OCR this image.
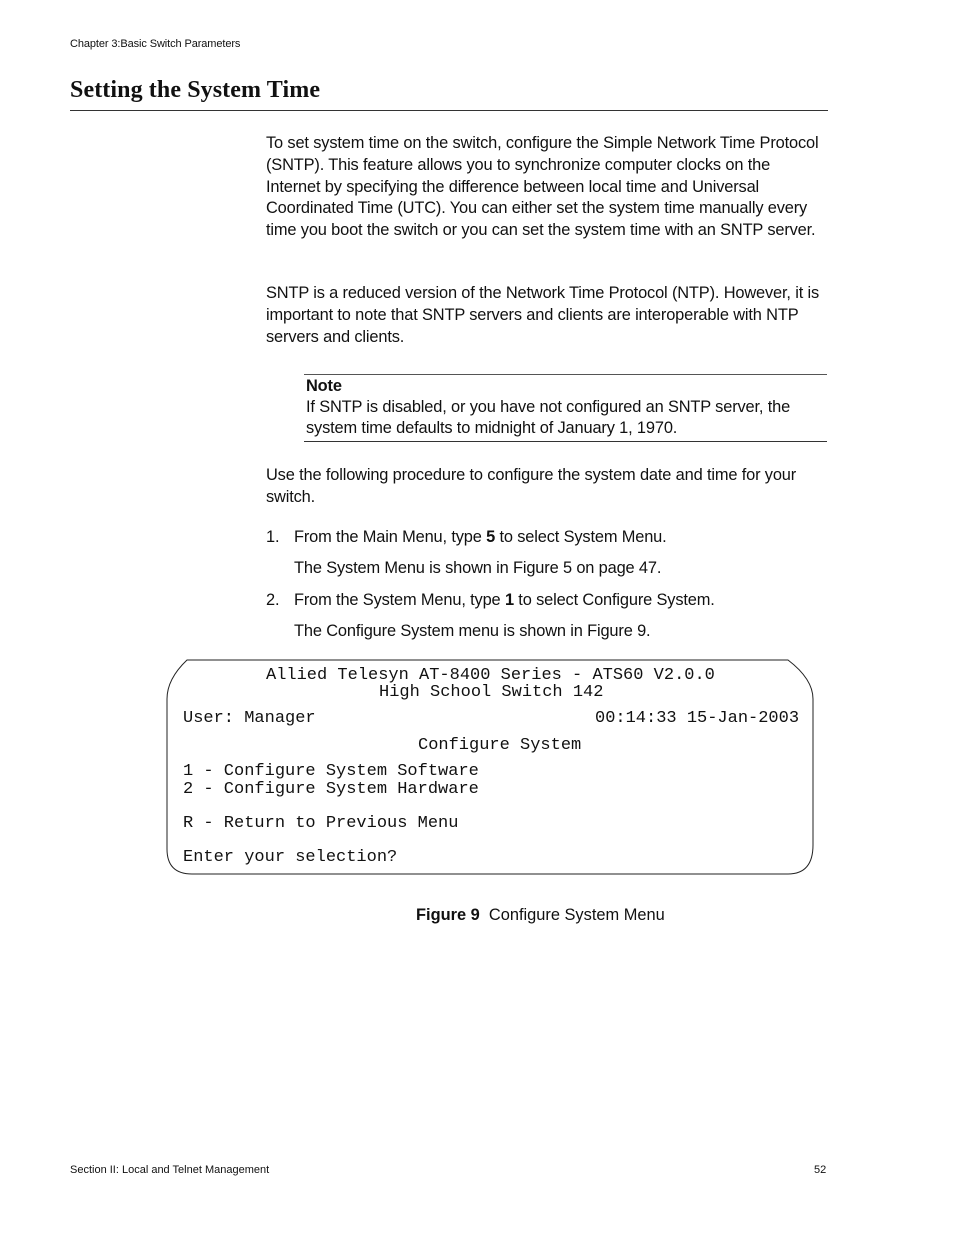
Chapter 3:Basic Switch Parameters
Setting the System Time

To set system time on the switch, configure the Simple Network Time Protocol (SNTP). This feature allows you to synchronize computer clocks on the Internet by specifying the difference between local time and Universal Coordinated Time (UTC). You can either set the system time manually every time you boot the switch or you can set the system time with an SNTP server.

SNTP is a reduced version of the Network Time Protocol (NTP). However, it is important to note that SNTP servers and clients are interoperable with NTP servers and clients.

Note
If SNTP is disabled, or you have not configured an SNTP server, the system time defaults to midnight of January 1, 1970.

Use the following procedure to configure the system date and time for your switch.

1. From the Main Menu, type 5 to select System Menu.
The System Menu is shown in Figure 5 on page 47.
2. From the System Menu, type 1 to select Configure System.
The Configure System menu is shown in Figure 9.
Allied Telesyn AT-8400 Series - ATS60 V2.0.0
High School Switch 142
User: Manager	00:14:33 15-Jan-2003
Configure System
1 - Configure System Software
2 - Configure System Hardware
R - Return to Previous Menu
Enter your selection?
Figure 9 Configure System Menu
Section II: Local and Telnet Management	52
